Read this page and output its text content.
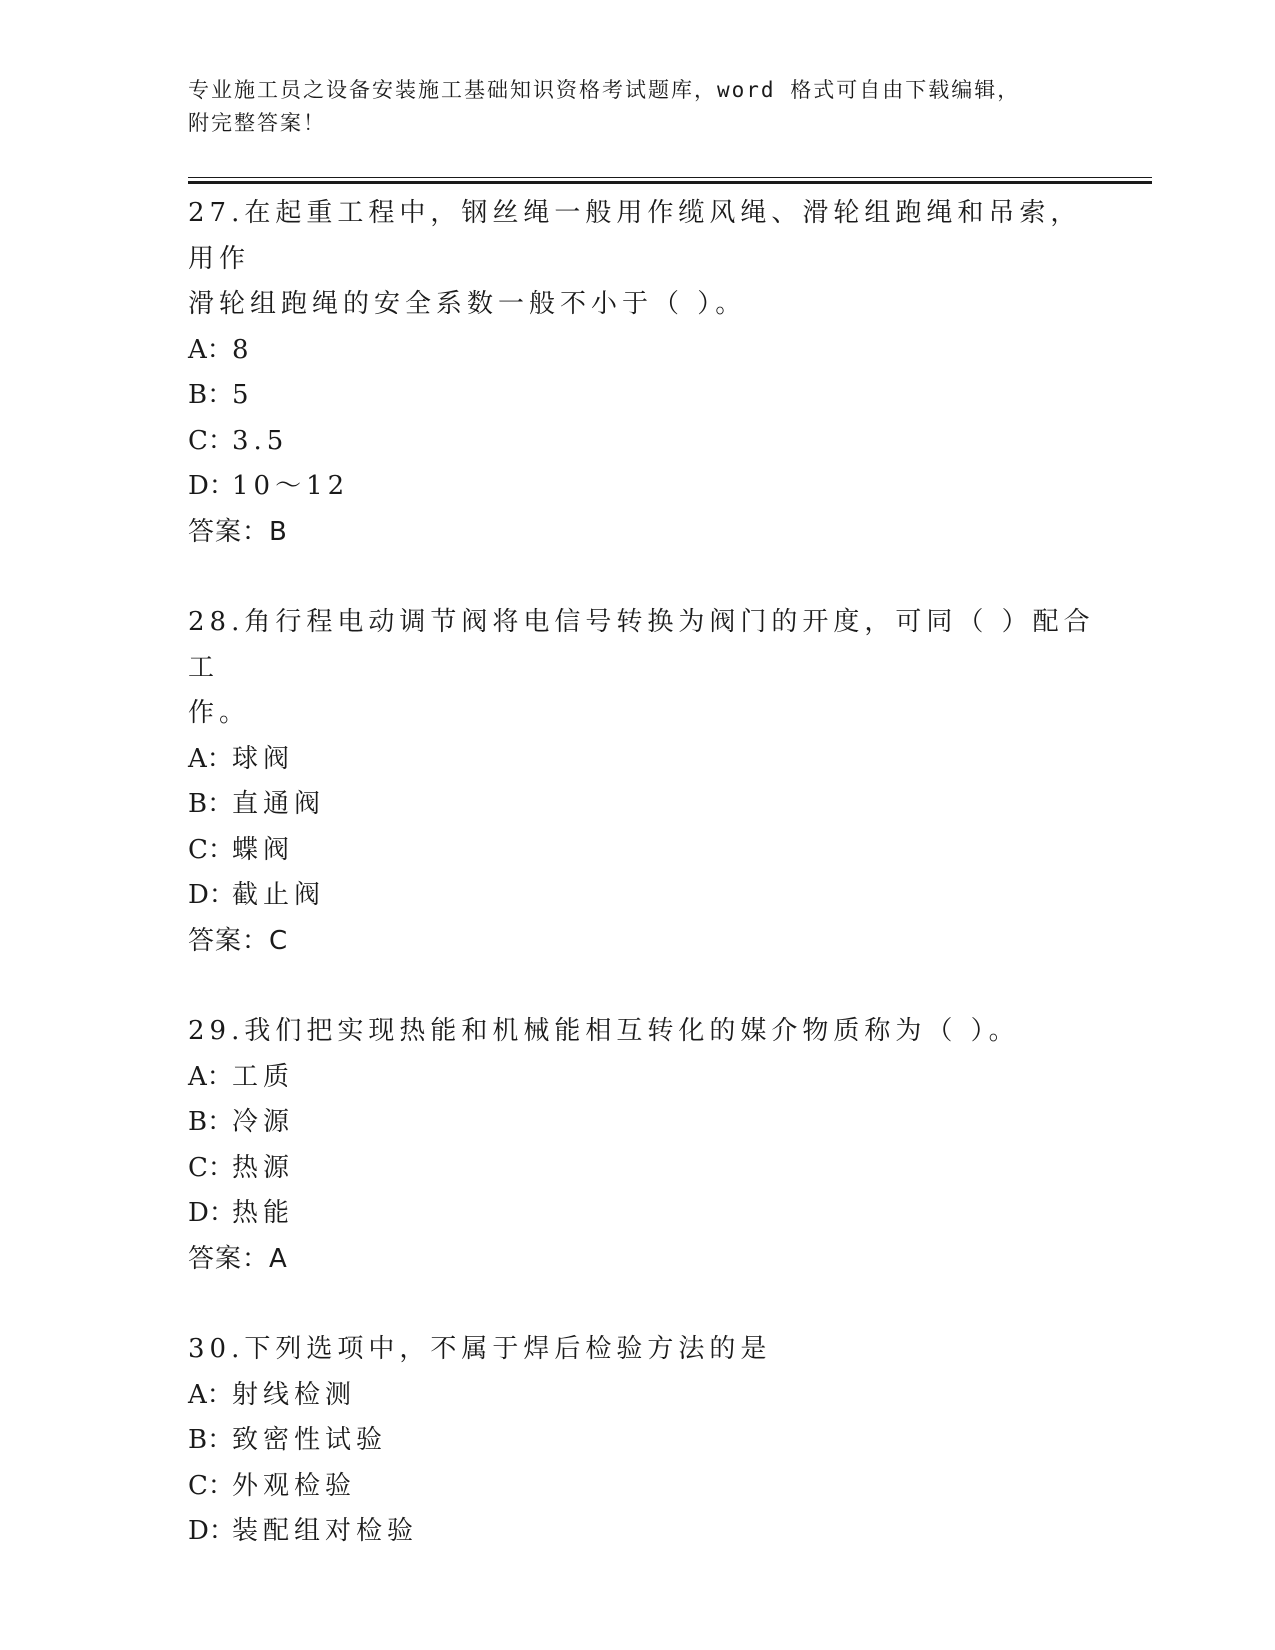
专业施工员之设备安装施工基础知识资格考试题库，word 格式可自由下载编辑，
附完整答案！
27.在起重工程中，钢丝绳一般用作缆风绳、滑轮组跑绳和吊索，用作
滑轮组跑绳的安全系数一般不小于（ ）。
A：8
B：5
C：3.5
D：10～12
答案：B
28.角行程电动调节阀将电信号转换为阀门的开度，可同（ ）配合工
作。
A：球阀
B：直通阀
C：蝶阀
D：截止阀
答案：C
29.我们把实现热能和机械能相互转化的媒介物质称为（ ）。
A：工质
B：冷源
C：热源
D：热能
答案：A
30.下列选项中，不属于焊后检验方法的是
A：射线检测
B：致密性试验
C：外观检验
D：装配组对检验
